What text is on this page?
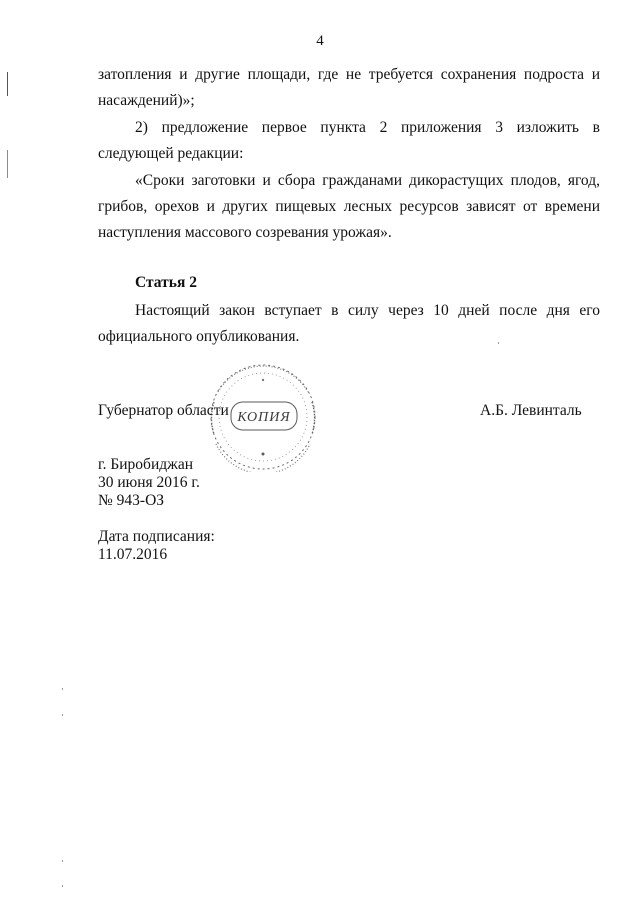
4

затопления и другие площади, где не требуется сохранения подроста и насаждений)»;

2) предложение первое пункта 2 приложения 3 изложить в следующей редакции:

«Сроки заготовки и сбора гражданами дикорастущих плодов, ягод, грибов, орехов и других пищевых лесных ресурсов зависят от времени наступления массового созревания урожая».

Статья 2

Настоящий закон вступает в силу через 10 дней после дня его официального опубликования.

КОПИЯ
Губернатор области	А.Б. Левинталь
г. Биробиджан
30 июня 2016 г.
№ 943-ОЗ
Дата подписания:
11.07.2016
